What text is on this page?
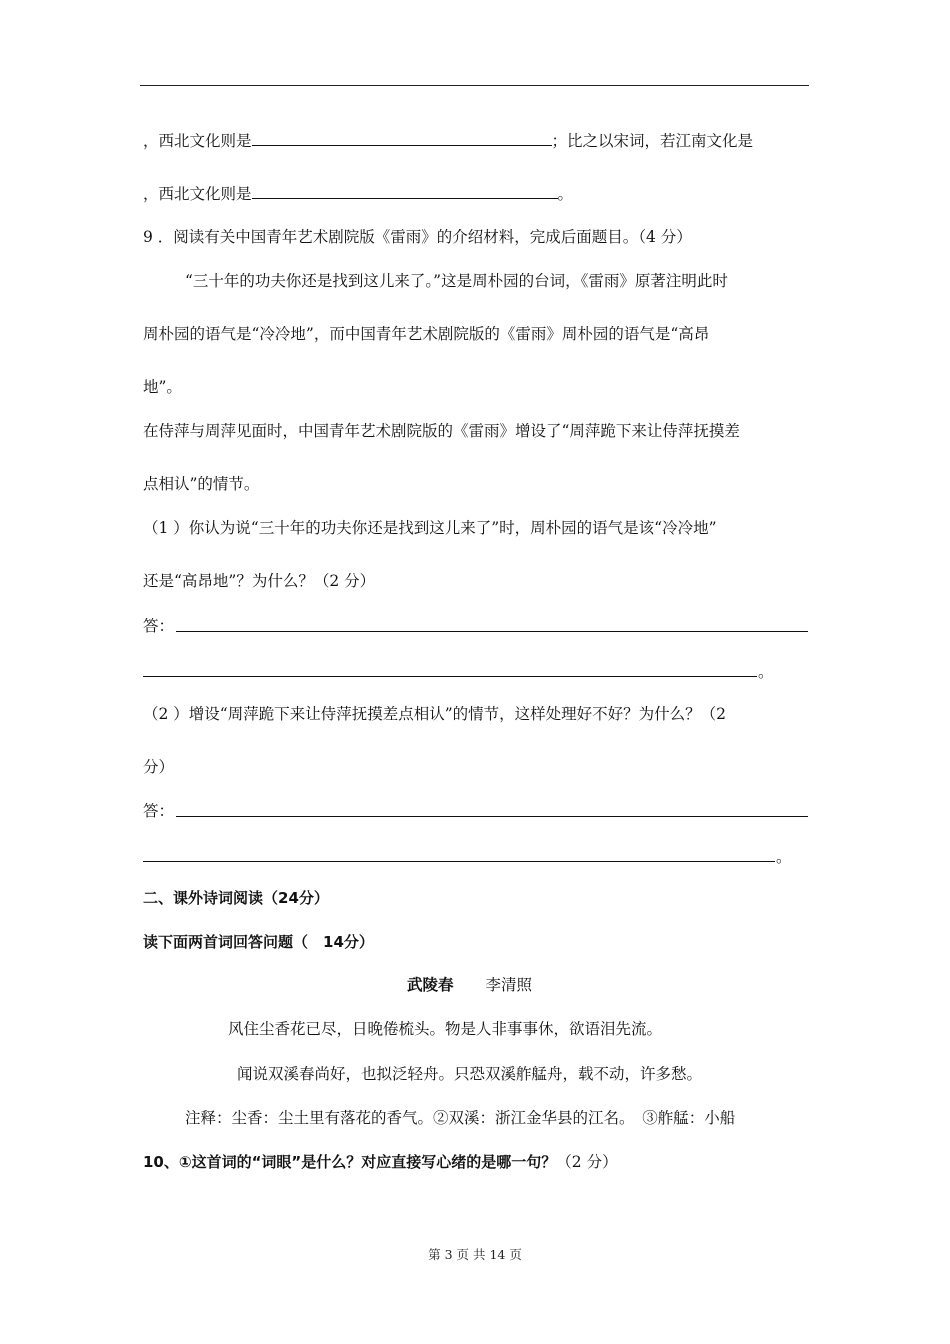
，西北文化则是	；比之以宋词，若江南文化是
，西北文化则是	。
9 ．阅读有关中国青年艺术剧院版《雷雨》的介绍材料，完成后面题目。（4 分）
“三十年的功夫你还是找到这儿来了。”这是周朴园的台词，《雷雨》原著注明此时
周朴园的语气是“冷冷地”，而中国青年艺术剧院版的《雷雨》周朴园的语气是“高昂
地”。
在侍萍与周萍见面时，中国青年艺术剧院版的《雷雨》增设了“周萍跪下来让侍萍抚摸差
点相认”的情节。
（1 ）你认为说“三十年的功夫你还是找到这儿来了”时，周朴园的语气是该“冷冷地”
还是“高昂地”？为什么？（2 分）
答：
。
（2 ）增设“周萍跪下来让侍萍抚摸差点相认”的情节，这样处理好不好？为什么？（2
分）
答：
。
二、课外诗词阅读（24分）
读下面两首词回答问题（　14分）
武陵春 李清照
风住尘香花已尽，日晚倦梳头。物是人非事事休，欲语泪先流。
闻说双溪春尚好，也拟泛轻舟。只恐双溪舴艋舟，载不动，许多愁。
注释：尘香：尘土里有落花的香气。②双溪：浙江金华县的江名。　③舴艋：小船
10、①这首词的“词眼”是什么？对应直接写心绪的是哪一句？（2 分）
第 3 页 共 14 页
